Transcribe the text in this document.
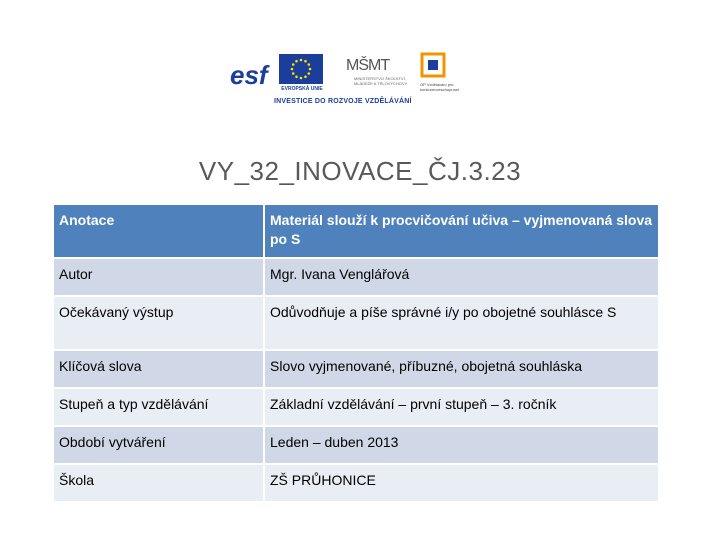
esf	EVROPSKÁ UNIE
MŠMT
MINISTERSTVO ŠKOLSTVÍ, MLÁDEŽE A TĚLOVÝCHOVY	OP Vzdělávání pro konkurenceschopnost
INVESTICE DO ROZVOJE VZDĚLÁVÁNÍ
VY_32_INOVACE_ČJ.3.23
Anotace	Materiál slouží k procvičování učiva – vyjmenovaná slova po S
Autor	Mgr. Ivana Venglářová
Očekávaný výstup	Odůvodňuje a píše správné i/y po obojetné souhlásce S
Klíčová slova	Slovo vyjmenované, příbuzné, obojetná souhláska
Stupeň a typ vzdělávání	Základní vzdělávání – první stupeň – 3. ročník
Období vytváření	Leden – duben 2013
Škola	ZŠ PRŮHONICE
